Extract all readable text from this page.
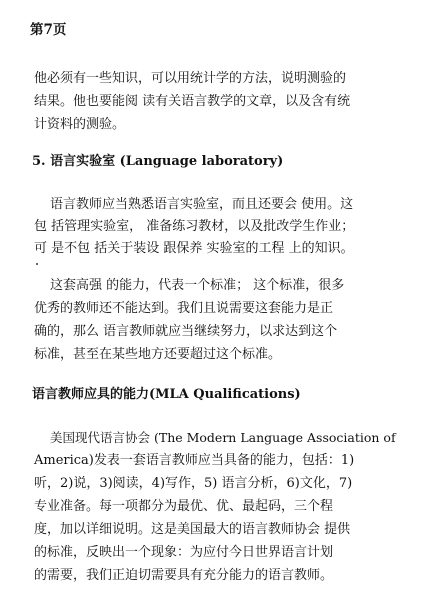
第7页
他必须有一些知识，可以用统计学的方法，说明测验的
结果。他也要能阅 读有关语言教学的文章，以及含有统
计资料的测验。
5. 语言实验室 (Language laboratory)
语言教师应当熟悉语言实验室，而且还要会 使用。这
包 括管理实验室， 准备练习教材，以及批改学生作业；
可 是不包 括关于装设 跟保养 实验室的工程 上的知识。
这套高强 的能力，代表一个标准； 这个标准，很多
优秀的教师还不能达到。我们且说需要这套能力是正
确的，那么 语言教师就应当继续努力，以求达到这个
标准，甚至在某些地方还要超过这个标准。
语言教师应具的能力(MLA Qualifications)
美国现代语言协会 (The Modern Language Association of
America)发表一套语言教师应当具备的能力，包括：1)
听，2)说，3)阅读，4)写作，5) 语言分析，6)文化，7)
专业准备。每一项都分为最优、优、最起码，三个程
度，加以详细说明。这是美国最大的语言教师协会 提供
的标准，反映出一个现象：为应付今日世界语言计划
的需要，我们正迫切需要具有充分能力的语言教师。
